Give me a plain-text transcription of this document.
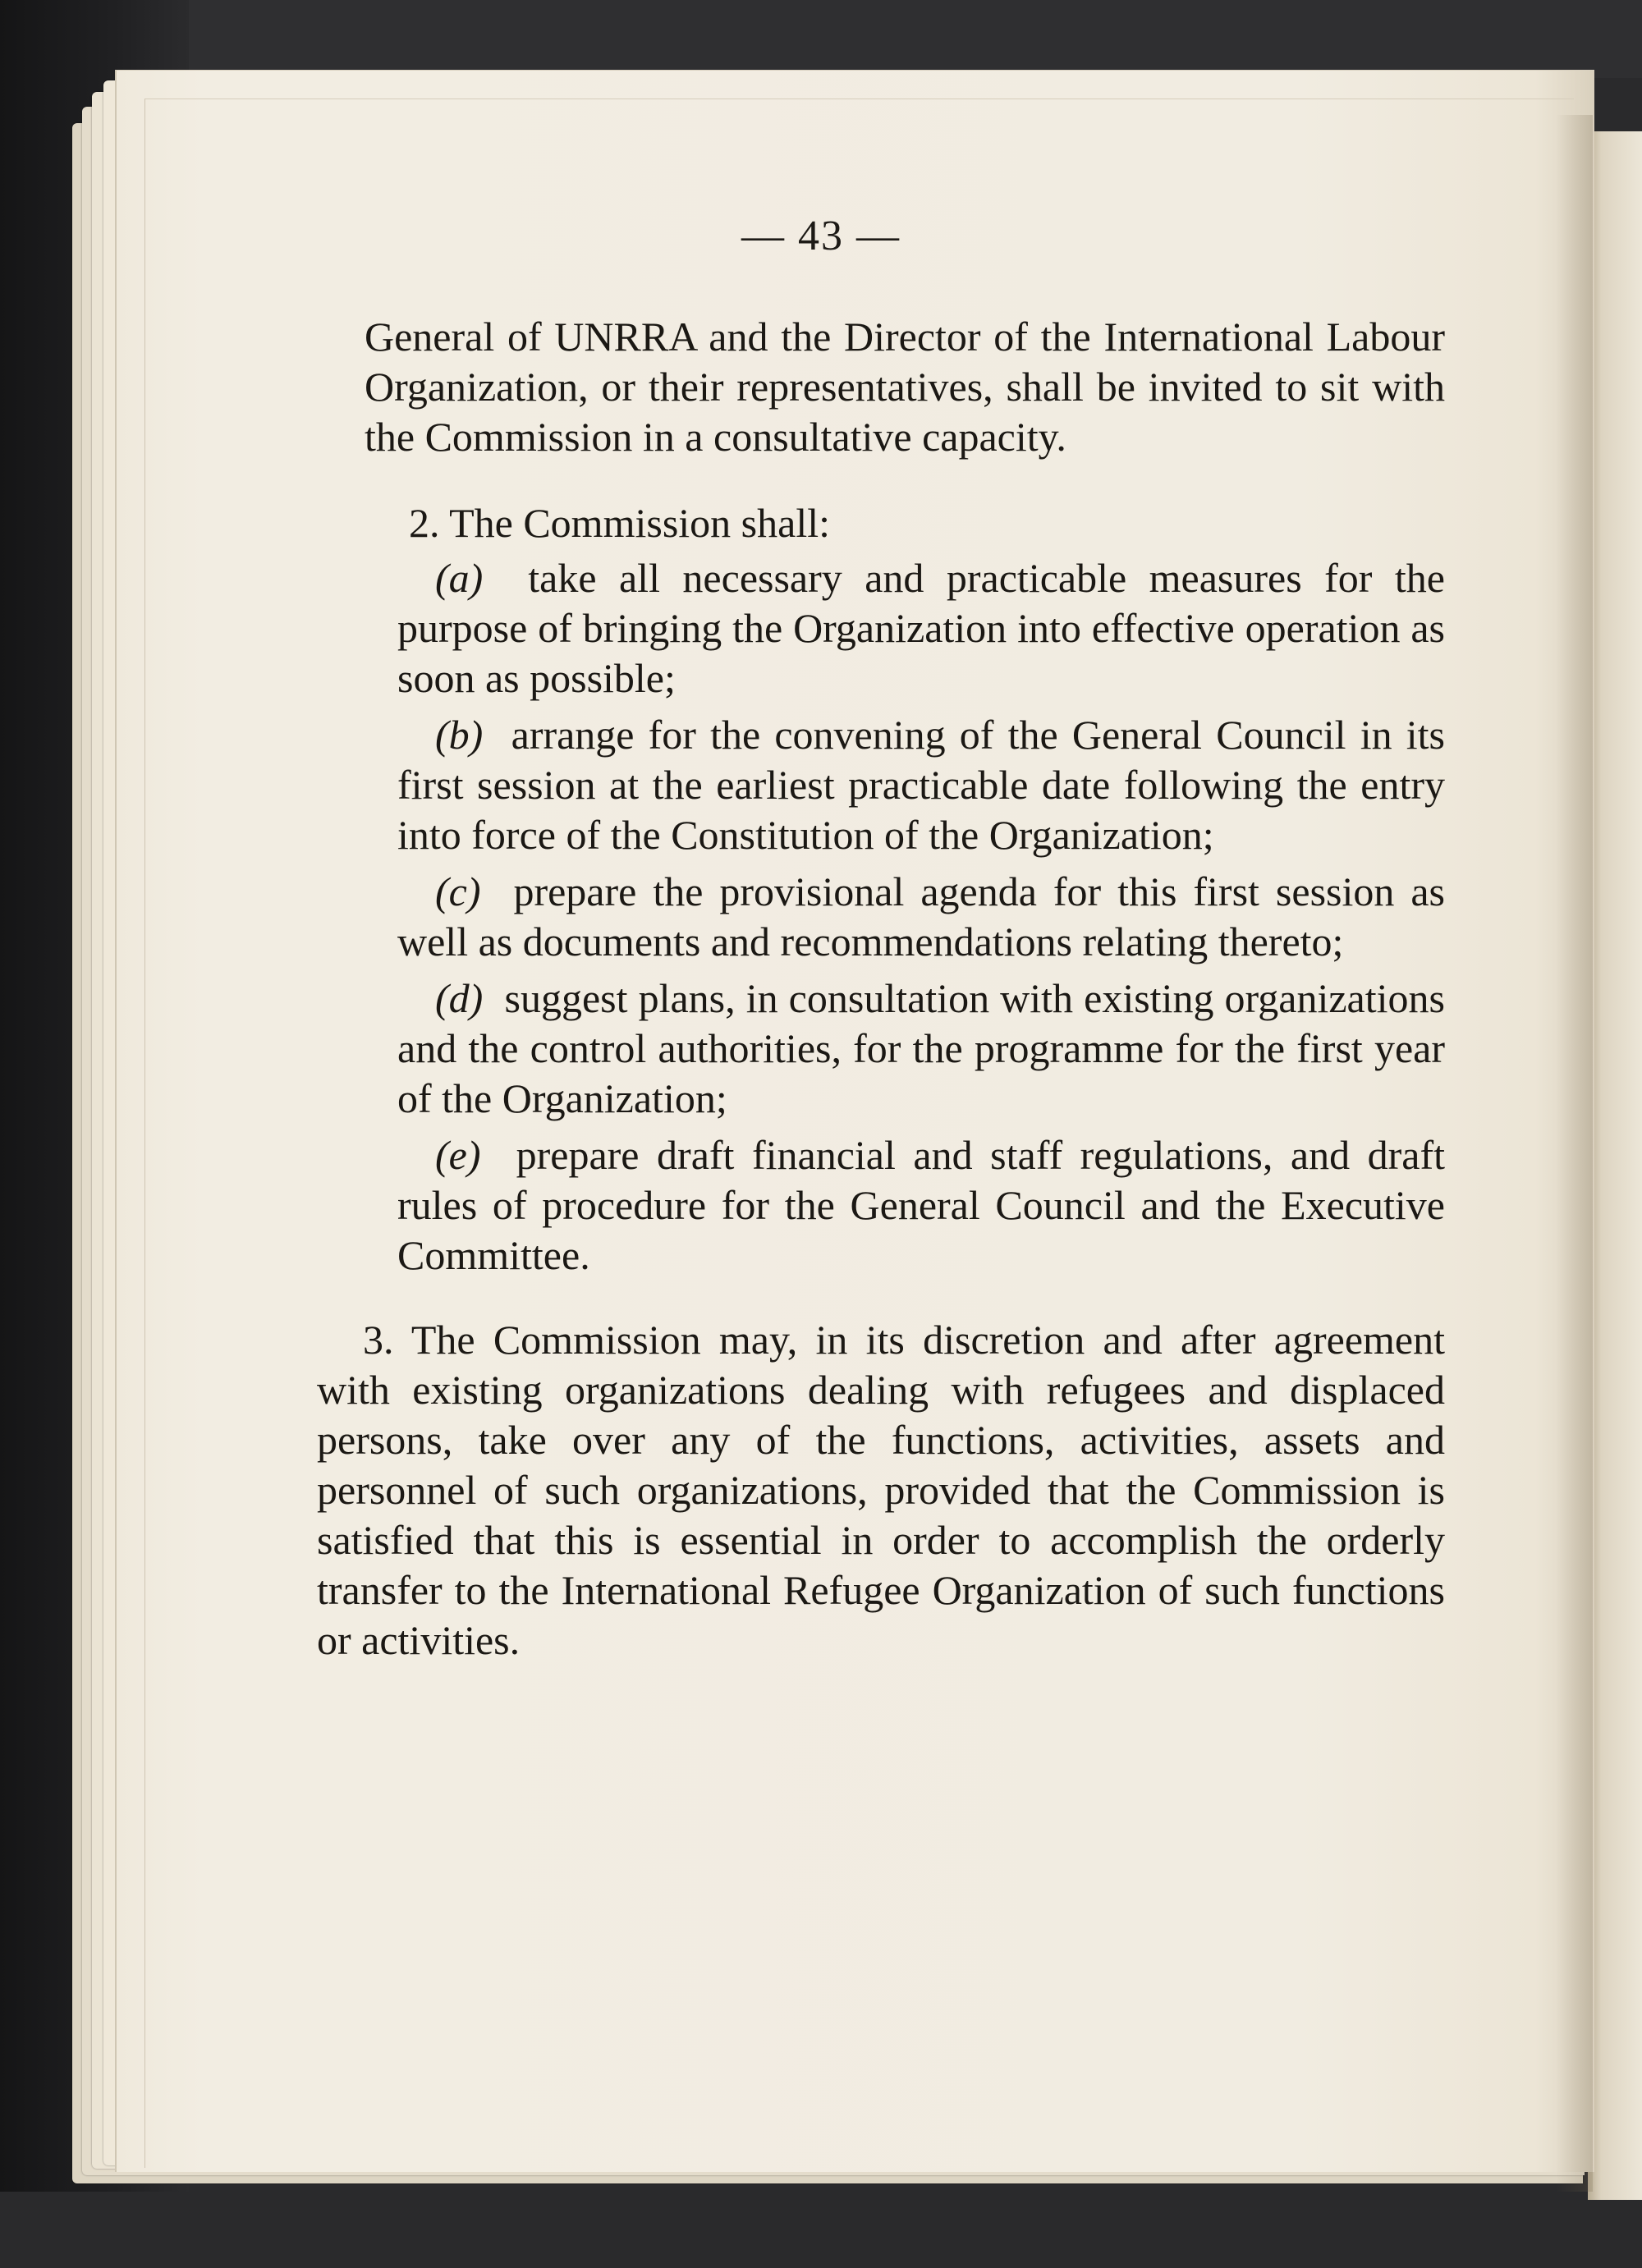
— 43 —

General of UNRRA and the Director of the International Labour Organization, or their representatives, shall be invited to sit with the Commission in a consultative capacity.

2. The Commission shall:

(a) take all necessary and practicable measures for the purpose of bringing the Organization into effective operation as soon as possible;

(b) arrange for the convening of the General Council in its first session at the earliest practicable date following the entry into force of the Constitution of the Organization;

(c) prepare the provisional agenda for this first session as well as documents and recommendations relating thereto;

(d) suggest plans, in consultation with existing organizations and the control authorities, for the programme for the first year of the Organization;

(e) prepare draft financial and staff regulations, and draft rules of procedure for the General Council and the Executive Committee.

3. The Commission may, in its discretion and after agreement with existing organizations dealing with refugees and displaced persons, take over any of the functions, activities, assets and personnel of such organizations, provided that the Commission is satisfied that this is essential in order to accomplish the orderly transfer to the International Refugee Organization of such functions or activities.
